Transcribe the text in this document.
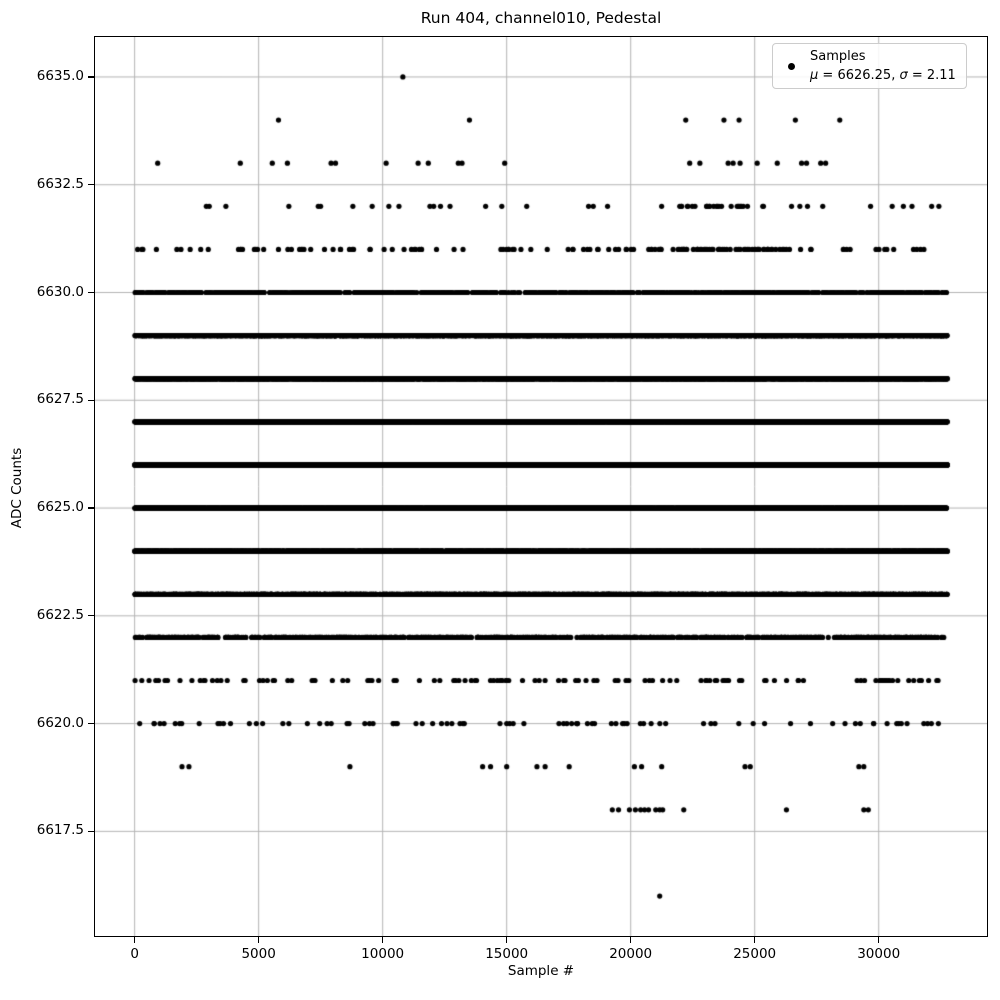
Run 404, channel010, Pedestal
ADC Counts
0	5000	10000	15000	20000	25000	30000
6635.0
6632.5
6630.0
6627.5
6625.0
6622.5
6620.0
6617.5
Sample #
Samples
μ = 6626.25, σ = 2.11
